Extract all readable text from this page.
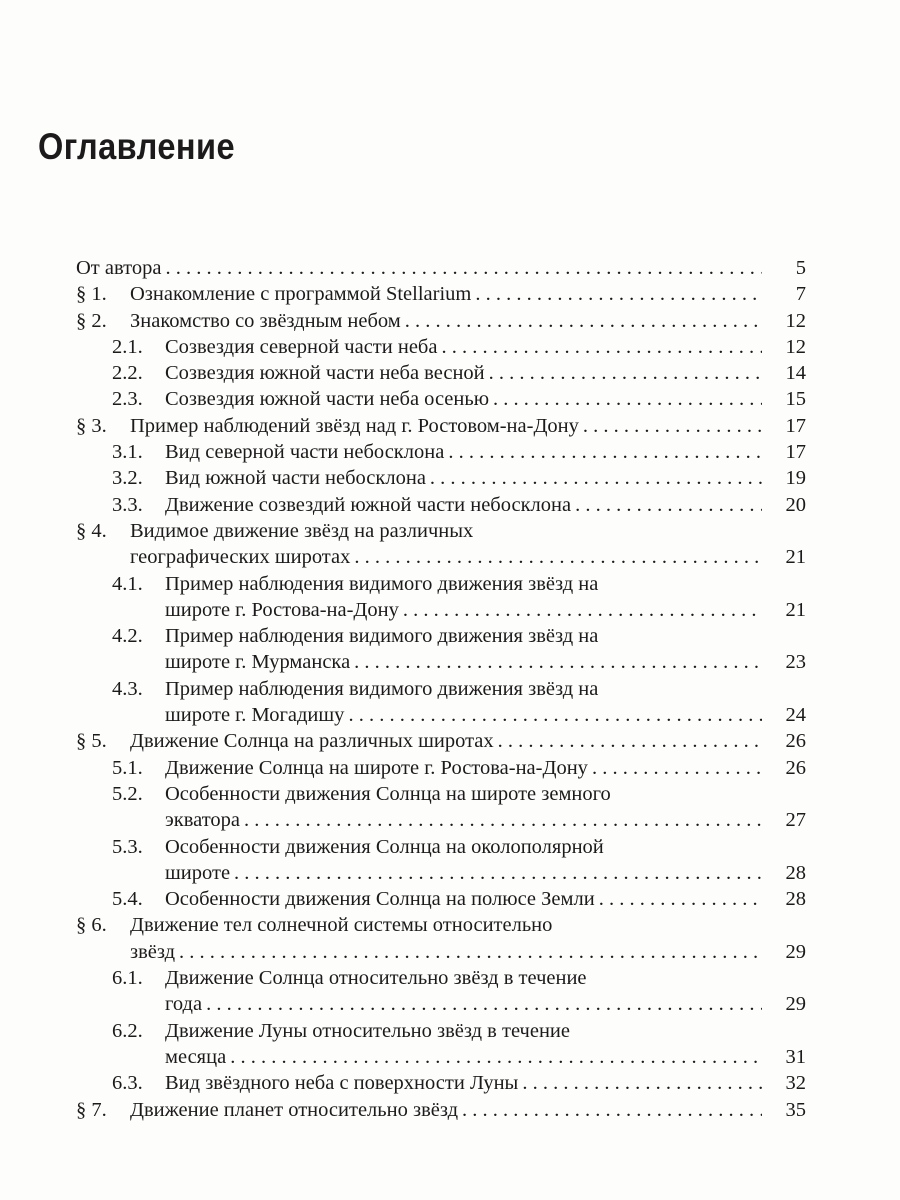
Оглавление
От автора . . .	5
§ 1. Ознакомление с программой Stellarium . . .	7
§ 2. Знакомство со звёздным небом . . .	12
2.1. Созвездия северной части неба . . .	12
2.2. Созвездия южной части неба весной . . .	14
2.3. Созвездия южной части неба осенью . . .	15
§ 3. Пример наблюдений звёзд над г. Ростовом-на-Дону . . .	17
3.1. Вид северной части небосклона . . .	17
3.2. Вид южной части небосклона . . .	19
3.3. Движение созвездий южной части небосклона . . .	20
§ 4. Видимое движение звёзд на различных
географических широтах . . .	21
4.1. Пример наблюдения видимого движения звёзд на
широте г. Ростова-на-Дону . . .	21
4.2. Пример наблюдения видимого движения звёзд на
широте г. Мурманска . . .	23
4.3. Пример наблюдения видимого движения звёзд на
широте г. Могадишу . . .	24
§ 5. Движение Солнца на различных широтах . . .	26
5.1. Движение Солнца на широте г. Ростова-на-Дону . . .	26
5.2. Особенности движения Солнца на широте земного
экватора . . .	27
5.3. Особенности движения Солнца на околополярной
широте . . .	28
5.4. Особенности движения Солнца на полюсе Земли . . .	28
§ 6. Движение тел солнечной системы относительно
звёзд . . .	29
6.1. Движение Солнца относительно звёзд в течение
года . . .	29
6.2. Движение Луны относительно звёзд в течение
месяца . . .	31
6.3. Вид звёздного неба с поверхности Луны . . .	32
§ 7. Движение планет относительно звёзд . . .	35
